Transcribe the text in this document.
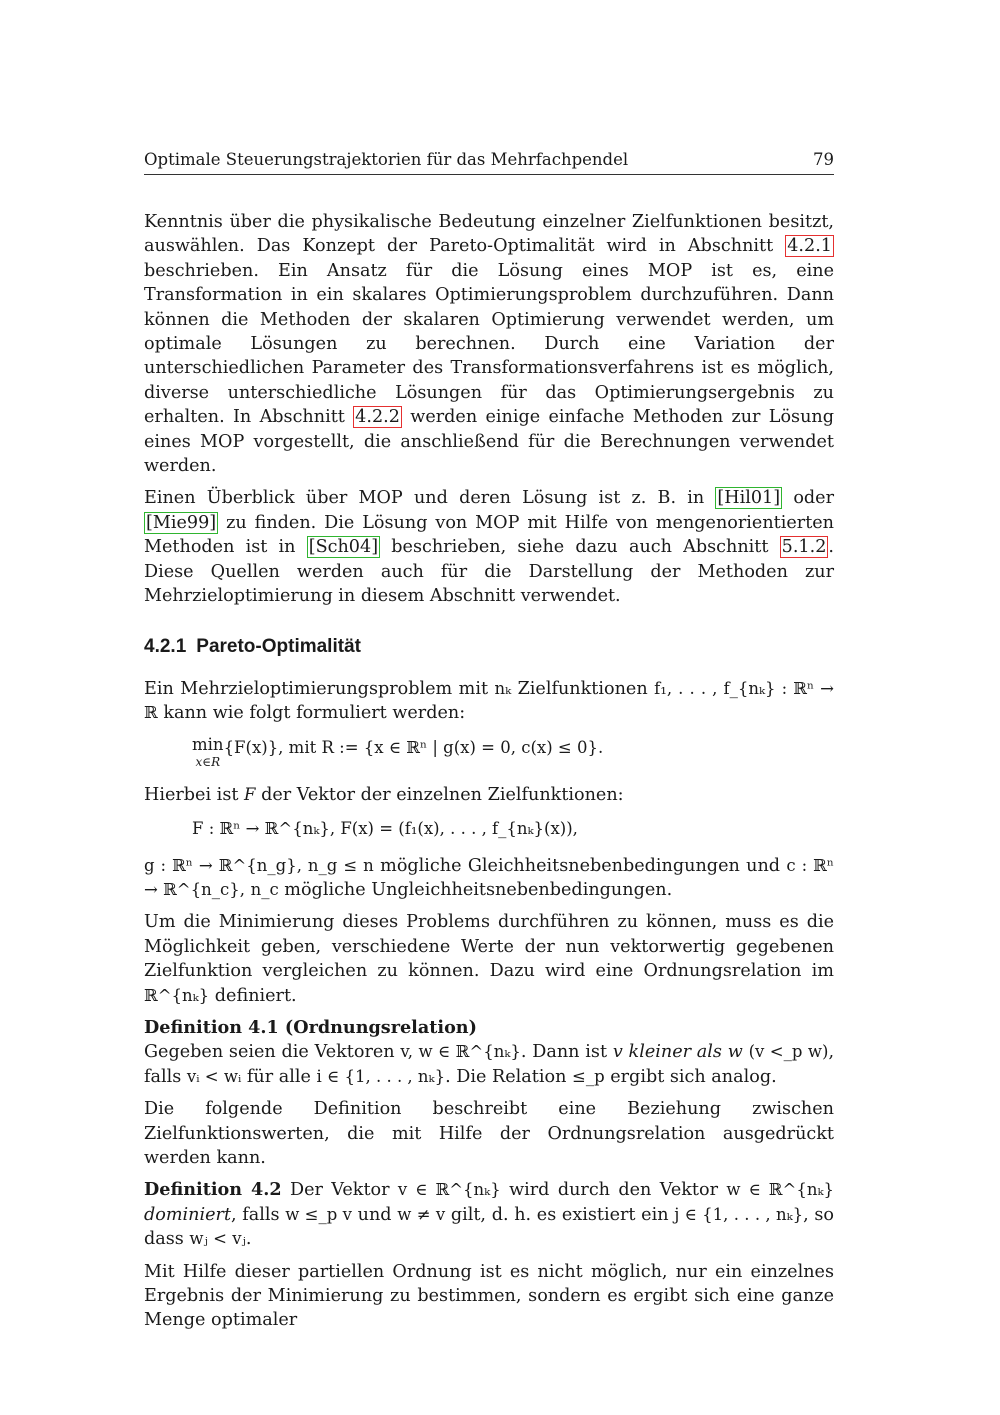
Optimale Steuerungstrajektorien für das Mehrfachpendel	79

Kenntnis über die physikalische Bedeutung einzelner Zielfunktionen besitzt, auswählen. Das Konzept der Pareto-Optimalität wird in Abschnitt 4.2.1 beschrieben. Ein Ansatz für die Lösung eines MOP ist es, eine Transformation in ein skalares Optimierungsproblem durchzuführen. Dann können die Methoden der skalaren Optimierung verwendet werden, um optimale Lösungen zu berechnen. Durch eine Variation der unterschiedlichen Parameter des Transformationsverfahrens ist es möglich, diverse unterschiedliche Lösungen für das Optimierungsergebnis zu erhalten. In Abschnitt 4.2.2 werden einige einfache Methoden zur Lösung eines MOP vorgestellt, die anschließend für die Berechnungen verwendet werden.

Einen Überblick über MOP und deren Lösung ist z. B. in [Hil01] oder [Mie99] zu finden. Die Lösung von MOP mit Hilfe von mengenorientierten Methoden ist in [Sch04] beschrieben, siehe dazu auch Abschnitt 5.1.2 . Diese Quellen werden auch für die Darstellung der Methoden zur Mehrzieloptimierung in diesem Abschnitt verwendet.

4.2.1 Pareto-Optimalität

Ein Mehrzieloptimierungsproblem mit nₖ Zielfunktionen f₁, . . . , f_{nₖ} : ℝⁿ → ℝ kann wie folgt formuliert werden:

min
x∈R
{F(x)}, mit R := {x ∈ ℝⁿ | g(x) = 0, c(x) ≤ 0}.

Hierbei ist F der Vektor der einzelnen Zielfunktionen:

F : ℝⁿ → ℝ^{nₖ}, F(x) = (f₁(x), . . . , f_{nₖ}(x)),

g : ℝⁿ → ℝ^{n_g}, n_g ≤ n mögliche Gleichheitsnebenbedingungen und c : ℝⁿ → ℝ^{n_c}, n_c mögliche Ungleichheitsnebenbedingungen.

Um die Minimierung dieses Problems durchführen zu können, muss es die Möglichkeit geben, verschiedene Werte der nun vektorwertig gegebenen Zielfunktion vergleichen zu können. Dazu wird eine Ordnungsrelation im ℝ^{nₖ} definiert.

Definition 4.1 (Ordnungsrelation)
Gegeben seien die Vektoren v, w ∈ ℝ^{nₖ}. Dann ist v kleiner als w (v <_p w), falls vᵢ < wᵢ für alle i ∈ {1, . . . , nₖ}. Die Relation ≤_p ergibt sich analog.

Die folgende Definition beschreibt eine Beziehung zwischen Zielfunktionswerten, die mit Hilfe der Ordnungsrelation ausgedrückt werden kann.

Definition 4.2 Der Vektor v ∈ ℝ^{nₖ} wird durch den Vektor w ∈ ℝ^{nₖ} dominiert, falls w ≤_p v und w ≠ v gilt, d. h. es existiert ein j ∈ {1, . . . , nₖ}, so dass wⱼ < vⱼ.

Mit Hilfe dieser partiellen Ordnung ist es nicht möglich, nur ein einzelnes Ergebnis der Minimierung zu bestimmen, sondern es ergibt sich eine ganze Menge optimaler
